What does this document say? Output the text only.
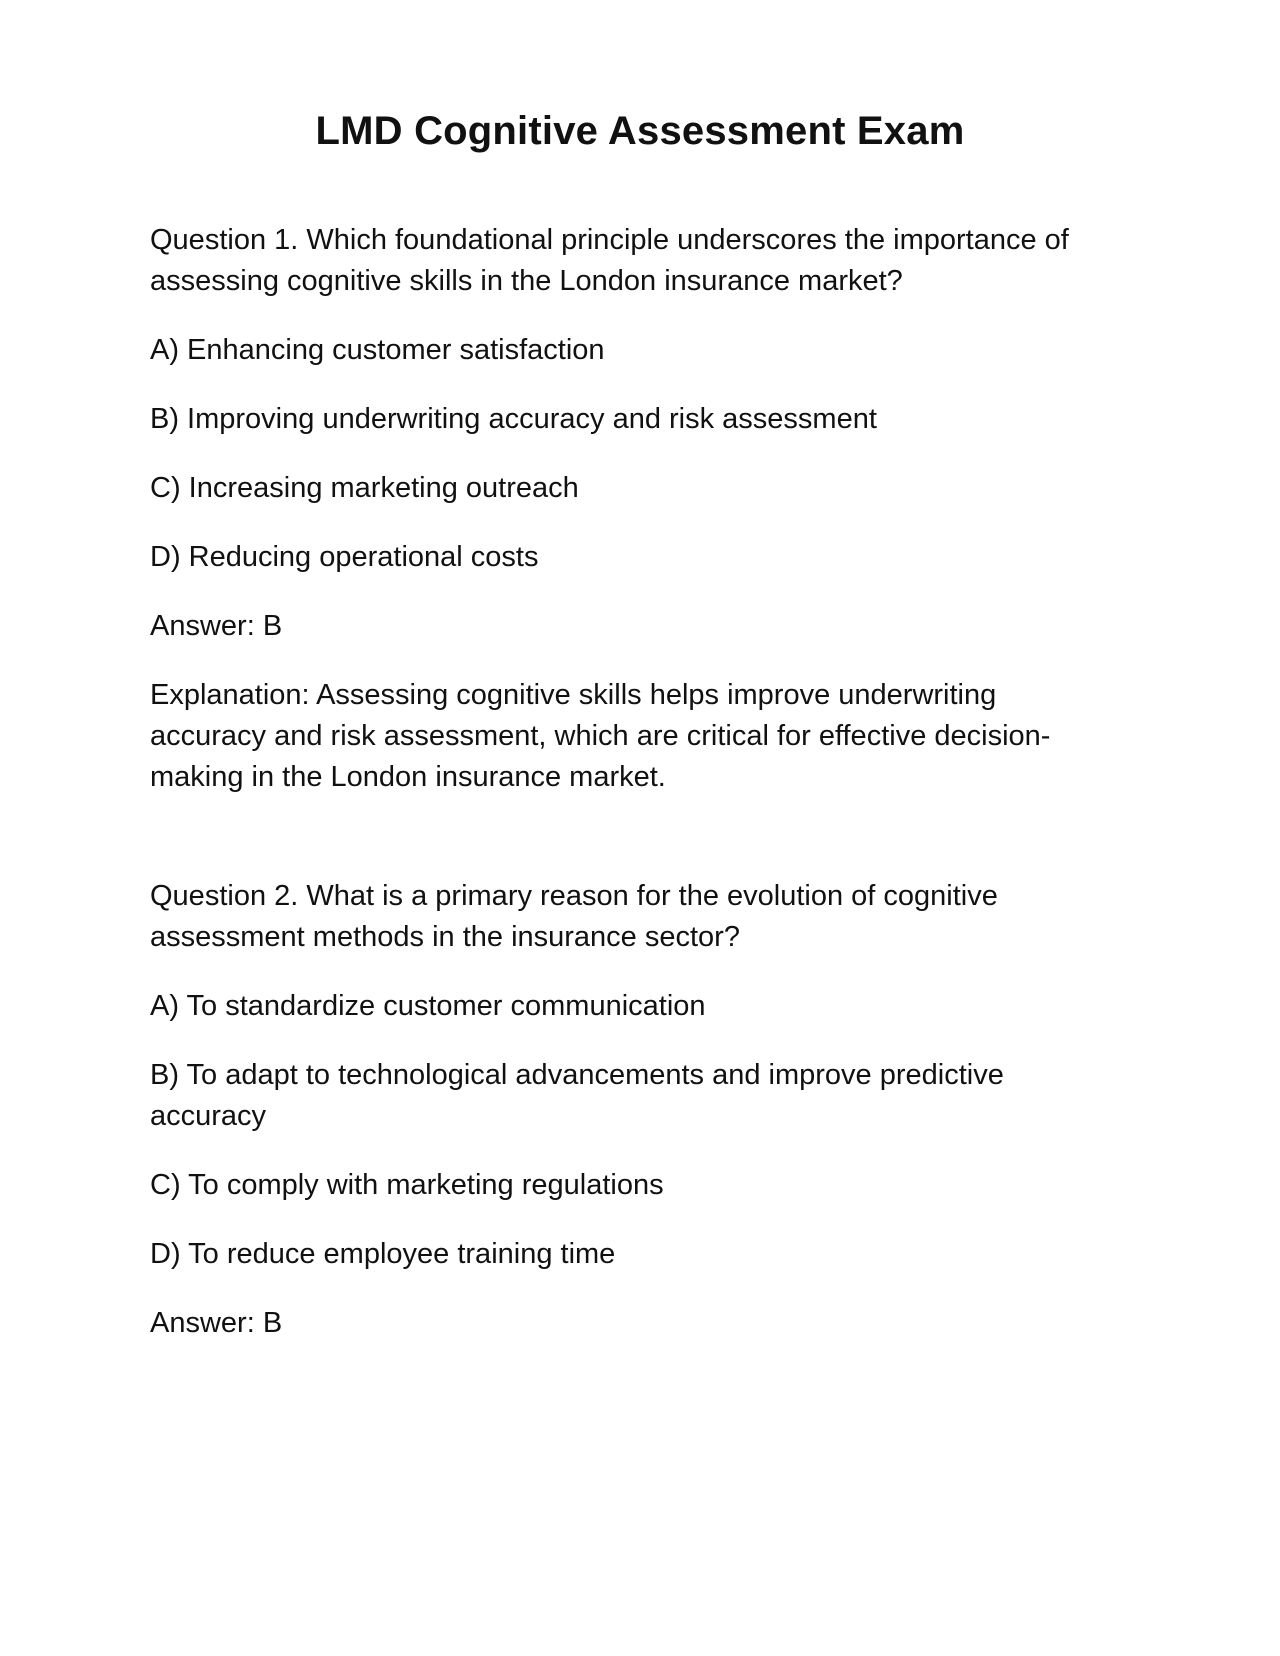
LMD Cognitive Assessment Exam

Question 1. Which foundational principle underscores the importance of assessing cognitive skills in the London insurance market?

A) Enhancing customer satisfaction
B) Improving underwriting accuracy and risk assessment
C) Increasing marketing outreach
D) Reducing operational costs

Answer: B

Explanation: Assessing cognitive skills helps improve underwriting accuracy and risk assessment, which are critical for effective decision-making in the London insurance market.

Question 2. What is a primary reason for the evolution of cognitive assessment methods in the insurance sector?

A) To standardize customer communication
B) To adapt to technological advancements and improve predictive accuracy
C) To comply with marketing regulations
D) To reduce employee training time

Answer: B
